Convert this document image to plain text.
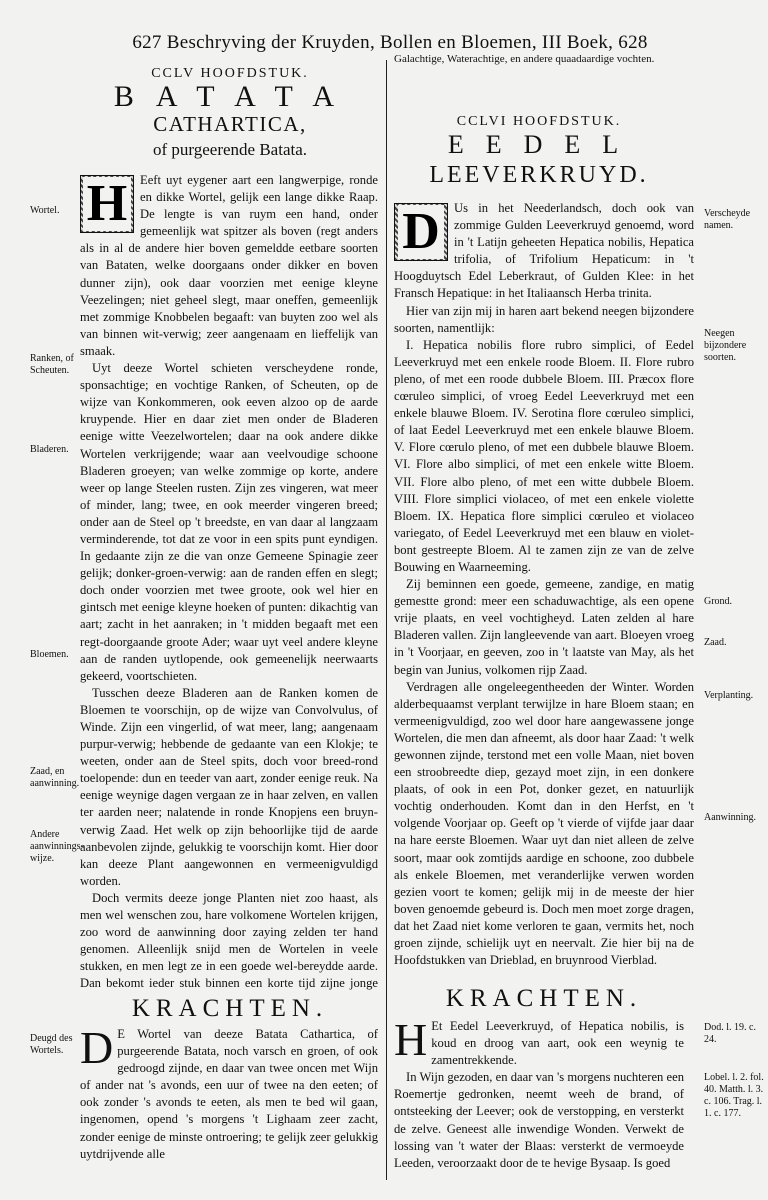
627 Beschryving der Kruyden, Bollen en Bloemen, III Boek, 628
CCLV HOOFDSTUK.
BATATA
CATHARTICA,
of purgeerende Batata.

H	Eeft uyt eygener aart een langwerpige, ronde en dikke Wortel, gelijk een lange dikke Raap. De lengte is van ruym een hand, onder gemeenlijk wat spitzer als boven (regt anders als in al de andere hier boven gemeldde eetbare soorten van Bataten, welke doorgaans onder dikker en boven dunner zijn), ook daar voorzien met eenige kleyne Veezelingen; niet geheel slegt, maar oneffen, gemeenlijk met zommige Knobbelen begaaft: van buyten zoo wel als van binnen wit-verwig; zeer aangenaam en lieffelijk van smaak.

Uyt deeze Wortel schieten verscheydene ronde, sponsachtige; en vochtige Ranken, of Scheuten, op de wijze van Konkommeren, ook eeven alzoo op de aarde kruypende. Hier en daar ziet men onder de Bladeren eenige witte Veezelwortelen; daar na ook andere dikke Wortelen verkrijgende; waar aan veelvoudige schoone Bladeren groeyen; van welke zommige op korte, andere weer op lange Steelen rusten. Zijn zes vingeren, wat meer of minder, lang; twee, en ook meerder vingeren breed; onder aan de Steel op 't breedste, en van daar al langzaam verminderende, tot dat ze voor in een spits punt eyndigen. In gedaante zijn ze die van onze Gemeene Spinagie zeer gelijk; donker-groen-verwig: aan de randen effen en slegt; doch onder voorzien met twee groote, ook wel hier en gintsch met eenige kleyne hoeken of punten: dikachtig van aart; zacht in het aanraken; in 't midden begaaft met een regt-doorgaande groote Ader; waar uyt veel andere kleyne aan de randen uytlopende, ook gemeenelijk neerwaarts gekeerd, voortschieten.

Tusschen deeze Bladeren aan de Ranken komen de Bloemen te voorschijn, op de wijze van Convolvulus, of Winde. Zijn een vingerlid, of wat meer, lang; aangenaam purpur-verwig; hebbende de gedaante van een Klokje; te weeten, onder aan de Steel spits, doch voor breed-rond toelopende: dun en teeder van aart, zonder eenige reuk. Na eenige weynige dagen vergaan ze in haar zelven, en vallen ter aarden neer; nalatende in ronde Knopjens een bruyn-verwig Zaad. Het welk op zijn behoorlijke tijd de aarde aanbevolen zijnde, gelukkig te voorschijn komt. Hier door kan deeze Plant aangewonnen en vermeenigvuldigd worden.

Doch vermits deeze jonge Planten niet zoo haast, als men wel wenschen zou, hare volkomene Wortelen krijgen, zoo word de aanwinning door zaying zelden ter hand genomen. Alleenlijk snijd men de Wortelen in veele stukken, en men legt ze in een goede wel-bereydde aarde. Dan bekomt ieder stuk binnen een korte tijd zijne jonge

KRACHTEN.

D E Wortel van deeze Batata Cathartica, of purgeerende Batata, noch varsch en groen, of ook gedroogd zijnde, en daar van twee oncen met Wijn of ander nat 's avonds, een uur of twee na den eeten; of ook zonder 's avonds te eeten, als men te bed wil gaan, ingenomen, opend 's morgens 't Lighaam zeer zacht, zonder eenige de minste ontroering; te gelijk zeer gelukkig uytdrijvende alle

Wortel.
Ranken, of Scheuten.
Bladeren.
Bloemen.
Zaad, en aanwinning.
Andere aanwinnings-wijze.
Deugd des Wortels.
Galachtige, Waterachtige, en andere quaadaardige vochten.
CCLVI HOOFDSTUK.
EEDEL
LEEVERKRUYD.

D	Us in het Neederlandsch, doch ook van zommige Gulden Leeverkruyd genoemd, word in 't Latijn geheeten Hepatica nobilis, Hepatica trifolia, of Trifolium Hepaticum: in 't Hoogduytsch Edel Leberkraut, of Gulden Klee: in het Fransch Hepatique: in het Italiaansch Herba trinita.

Hier van zijn mij in haren aart bekend neegen bijzondere soorten, namentlijk:

I. Hepatica nobilis flore rubro simplici, of Eedel Leeverkruyd met een enkele roode Bloem. II. Flore rubro pleno, of met een roode dubbele Bloem. III. Præcox flore cœruleo simplici, of vroeg Eedel Leeverkruyd met een enkele blauwe Bloem. IV. Serotina flore cœruleo simplici, of laat Eedel Leeverkruyd met een enkele blauwe Bloem. V. Flore cœrulo pleno, of met een dubbele blauwe Bloem. VI. Flore albo simplici, of met een enkele witte Bloem. VII. Flore albo pleno, of met een witte dubbele Bloem. VIII. Flore simplici violaceo, of met een enkele violette Bloem. IX. Hepatica flore simplici cœruleo et violaceo variegato, of Eedel Leeverkruyd met een blauw en violet-bont gestreepte Bloem. Al te zamen zijn ze van de zelve Bouwing en Waarneeming.

Zij beminnen een goede, gemeene, zandige, en matig gemestte grond: meer een schaduwachtige, als een opene vrije plaats, en veel vochtigheyd. Laten zelden al hare Bladeren vallen. Zijn langleevende van aart. Bloeyen vroeg in 't Voorjaar, en geeven, zoo in 't laatste van May, als het begin van Junius, volkomen rijp Zaad.

Verdragen alle ongeleegentheeden der Winter. Worden alderbequaamst verplant terwijlze in hare Bloem staan; en vermeenigvuldigd, zoo wel door hare aangewassene jonge Wortelen, die men dan afneemt, als door haar Zaad: 't welk gewonnen zijnde, terstond met een volle Maan, niet boven een stroobreedte diep, gezayd moet zijn, in een donkere plaats, of ook in een Pot, donker gezet, en natuurlijk vochtig onderhouden. Komt dan in den Herfst, en 't volgende Voorjaar op. Geeft op 't vierde of vijfde jaar daar na hare eerste Bloemen. Waar uyt dan niet alleen de zelve soort, maar ook zomtijds aardige en schoone, zoo dubbele als enkele Bloemen, met veranderlijke verwen worden gezien voort te komen; gelijk mij in de meeste der hier boven genoemde gebeurd is. Doch men moet zorge dragen, dat het Zaad niet kome verloren te gaan, vermits het, noch groen zijnde, schielijk uyt en neervalt. Zie hier bij na de Hoofdstukken van Drieblad, en bruynrood Vierblad.

KRACHTEN.

H Et Eedel Leeverkruyd, of Hepatica nobilis, is koud en droog van aart, ook een weynig te zamentrekkende.

In Wijn gezoden, en daar van 's morgens nuchteren een Roemertje gedronken, neemt weeh de brand, of ontsteeking der Leever; ook de verstopping, en versterkt de zelve. Geneest alle inwendige Wonden. Verwekt de lossing van 't water der Blaas: versterkt de vermoeyde Leeden, veroorzaakt door de te hevige Bysaap. Is goed

Verscheyde namen.
Neegen bijzondere soorten.
Grond.
Zaad.
Verplanting.
Aanwinning.
Dod. l. 19. c. 24.
Lobel. l. 2. fol. 40. Matth. l. 3. c. 106. Trag. l. 1. c. 177.
